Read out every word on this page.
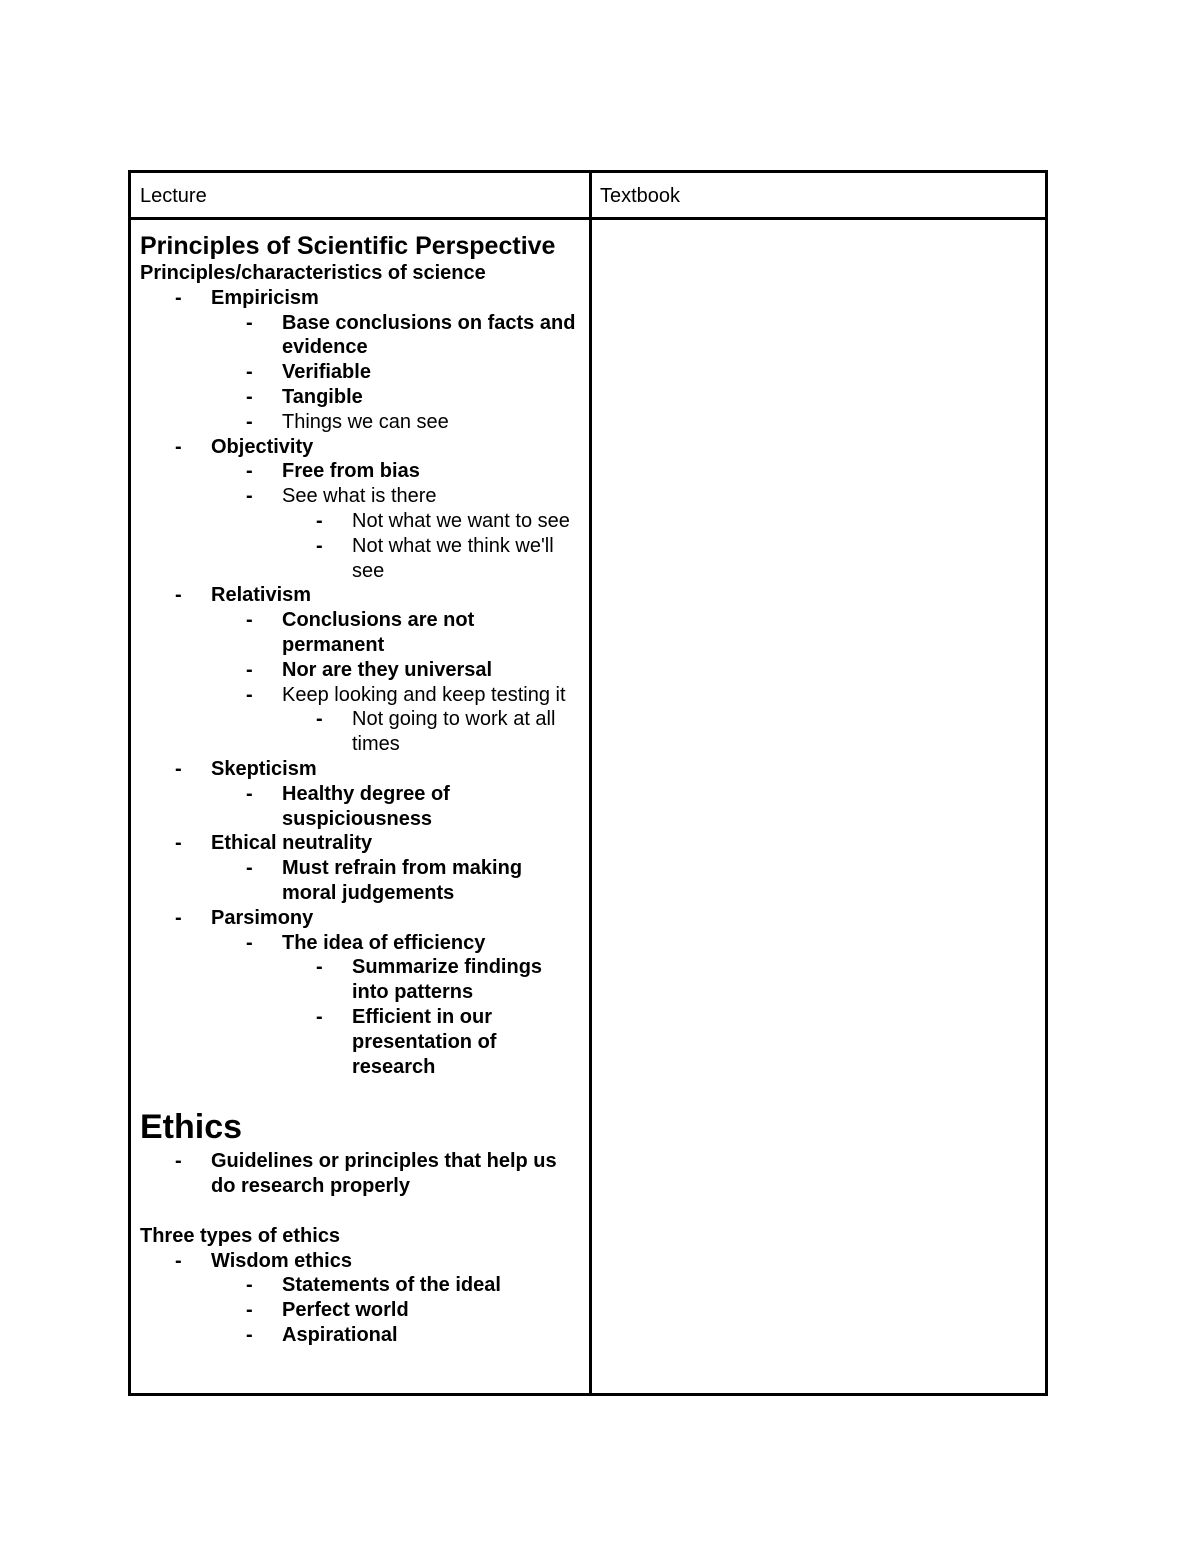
Lecture	Textbook
Principles of Scientific Perspective
Principles/characteristics of science
- Empiricism
- Base conclusions on facts and evidence
- Verifiable
- Tangible
- Things we can see
- Objectivity
- Free from bias
- See what is there
- Not what we want to see
- Not what we think we'll see
- Relativism
- Conclusions are not permanent
- Nor are they universal
- Keep looking and keep testing it
- Not going to work at all times
- Skepticism
- Healthy degree of suspiciousness
- Ethical neutrality
- Must refrain from making moral judgements
- Parsimony
- The idea of efficiency
- Summarize findings into patterns
- Efficient in our presentation of research
Ethics
- Guidelines or principles that help us do research properly
Three types of ethics
- Wisdom ethics
- Statements of the ideal
- Perfect world
- Aspirational
